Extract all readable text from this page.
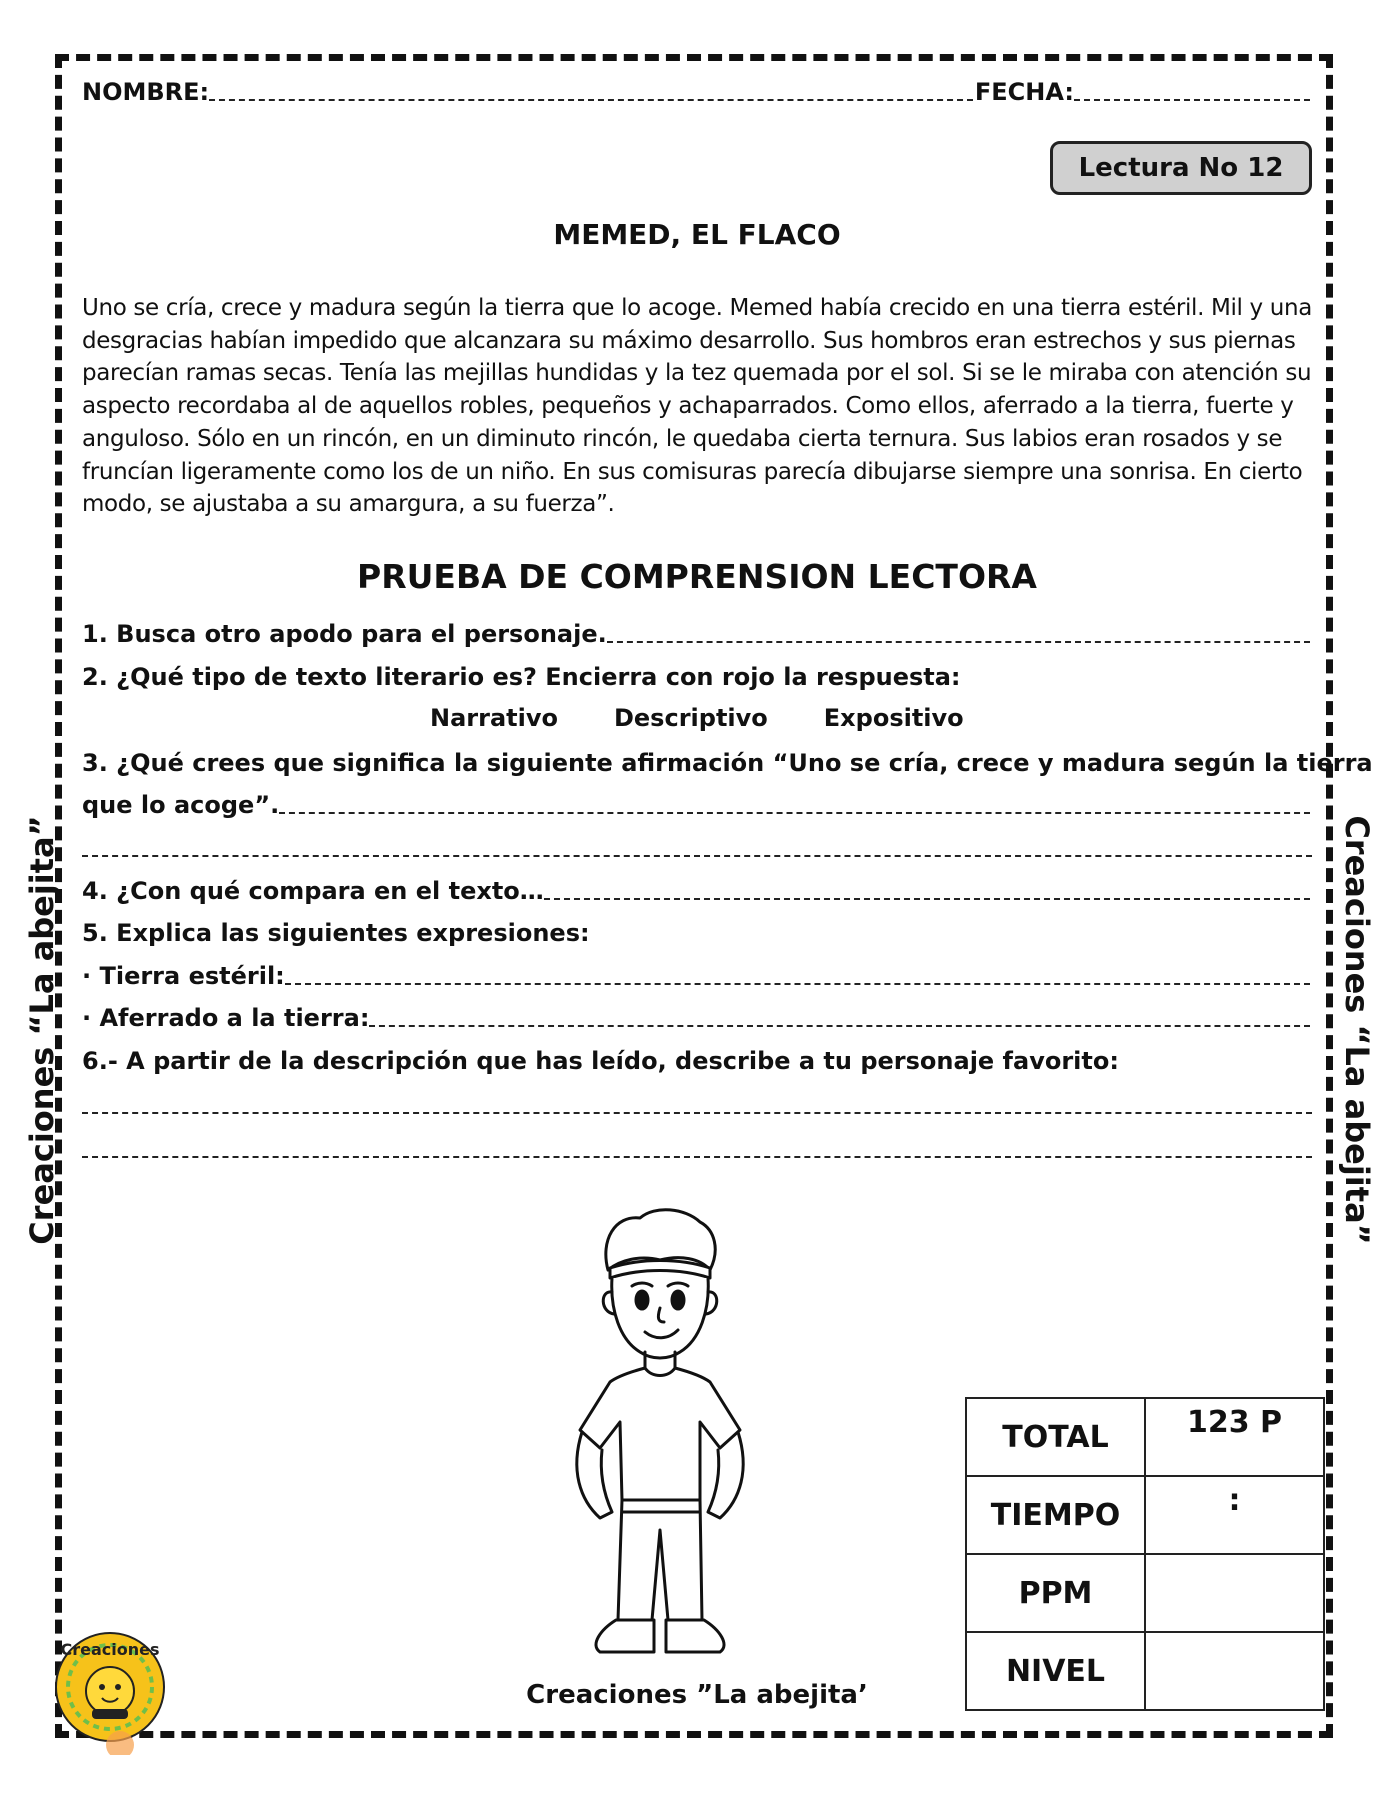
Creaciones “La abejita”	Creaciones “La abejita”
NOMBRE:	FECHA:
Lectura No 12
MEMED, EL FLACO
Uno se cría, crece y madura según la tierra que lo acoge. Memed había crecido en una tierra estéril. Mil y una desgracias habían impedido que alcanzara su máximo desarrollo. Sus hombros eran estrechos y sus piernas parecían ramas secas. Tenía las mejillas hundidas y la tez quemada por el sol. Si se le miraba con atención su aspecto recordaba al de aquellos robles, pequeños y achaparrados. Como ellos, aferrado a la tierra, fuerte y anguloso. Sólo en un rincón, en un diminuto rincón, le quedaba cierta ternura. Sus labios eran rosados y se fruncían ligeramente como los de un niño. En sus comisuras parecía dibujarse siempre una sonrisa. En cierto modo, se ajustaba a su amargura, a su fuerza”.
PRUEBA DE COMPRENSION LECTORA
1. Busca otro apodo para el personaje.
2. ¿Qué tipo de texto literario es? Encierra con rojo la respuesta:
Narrativo Descriptivo Expositivo
3. ¿Qué crees que significa la siguiente afirmación “Uno se cría, crece y madura según la tierra
que lo acoge”.
4. ¿Con qué compara en el texto…
5. Explica las siguientes expresiones:
· Tierra estéril:
· Aferrado a la tierra:
6.- A partir de la descripción que has leído, describe a tu personaje favorito:
Creaciones ”La abejita’
TOTAL	123 P
TIEMPO	:
PPM	
NIVEL	
Creaciones
